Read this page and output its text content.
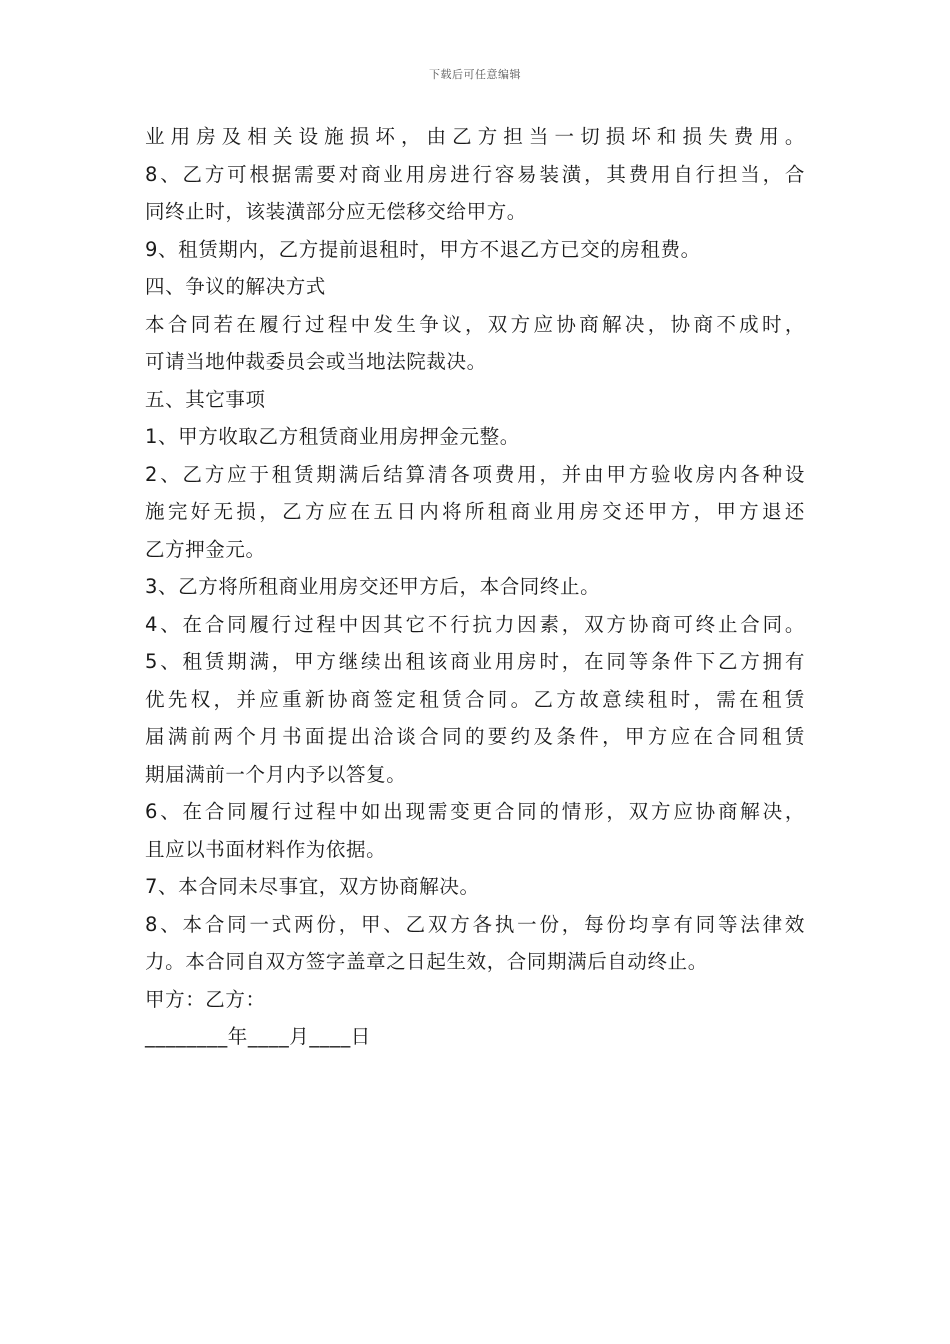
下载后可任意编辑
业用房及相关设施损坏，由乙方担当一切损坏和损失费用。
8、乙方可根据需要对商业用房进行容易装潢，其费用自行担当，合
同终止时，该装潢部分应无偿移交给甲方。
9、租赁期内，乙方提前退租时，甲方不退乙方已交的房租费。
四、争议的解决方式
本合同若在履行过程中发生争议，双方应协商解决，协商不成时，
可请当地仲裁委员会或当地法院裁决。
五、其它事项
1、甲方收取乙方租赁商业用房押金元整。
2、乙方应于租赁期满后结算清各项费用，并由甲方验收房内各种设
施完好无损，乙方应在五日内将所租商业用房交还甲方，甲方退还
乙方押金元。
3、乙方将所租商业用房交还甲方后，本合同终止。
4、在合同履行过程中因其它不行抗力因素，双方协商可终止合同。
5、租赁期满，甲方继续出租该商业用房时，在同等条件下乙方拥有
优先权，并应重新协商签定租赁合同。乙方故意续租时，需在租赁
届满前两个月书面提出洽谈合同的要约及条件，甲方应在合同租赁
期届满前一个月内予以答复。
6、在合同履行过程中如出现需变更合同的情形，双方应协商解决，
且应以书面材料作为依据。
7、本合同未尽事宜，双方协商解决。
8、本合同一式两份，甲、乙双方各执一份，每份均享有同等法律效
力。本合同自双方签字盖章之日起生效，合同期满后自动终止。
甲方：乙方：
________年____月____日
